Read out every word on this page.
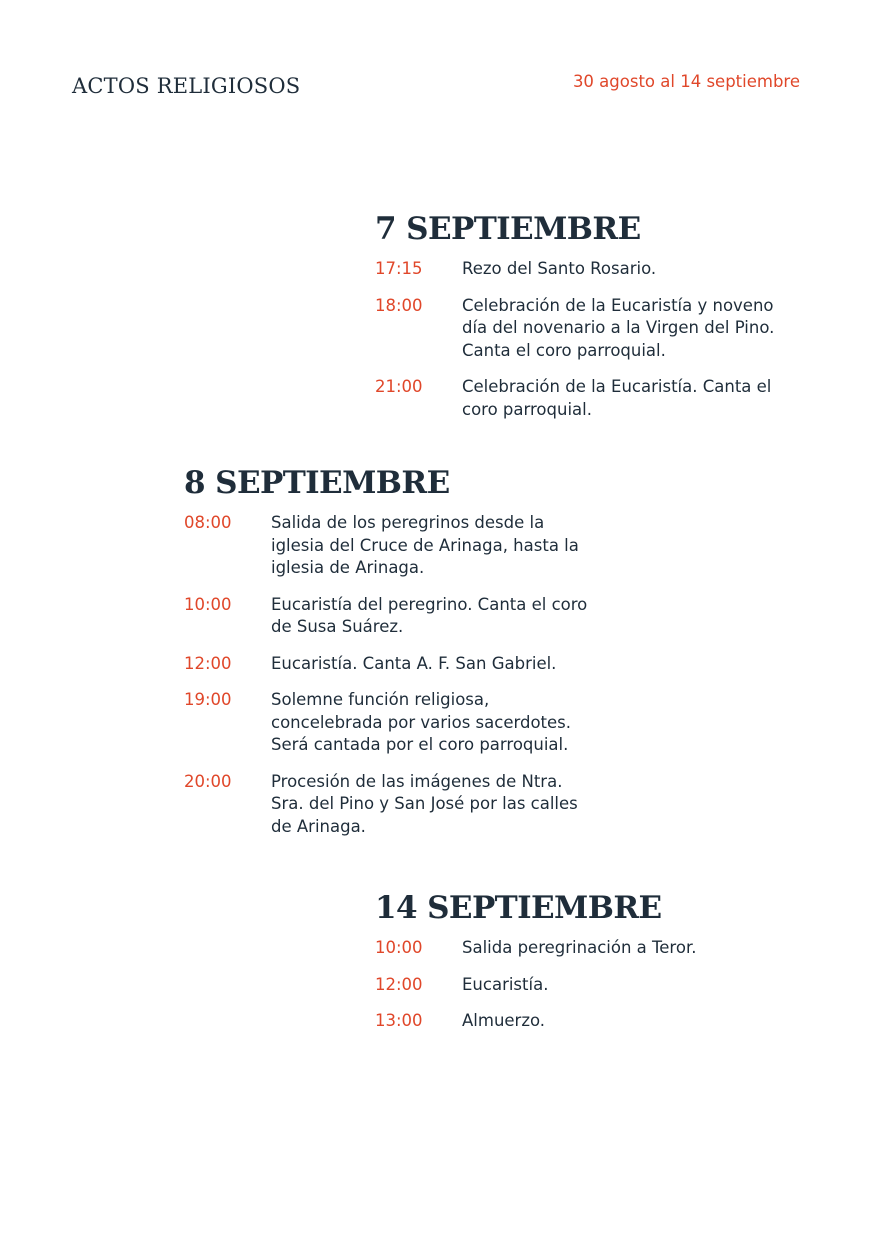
ACTOS RELIGIOSOS	30 agosto al 14 septiembre
7 SEPTIEMBRE
17:15	Rezo del Santo Rosario.
18:00	Celebración de la Eucaristía y noveno día del novenario a la Virgen del Pino. Canta el coro parroquial.
21:00	Celebración de la Eucaristía. Canta el coro parroquial.
8 SEPTIEMBRE
08:00	Salida de los peregrinos desde la iglesia del Cruce de Arinaga, hasta la iglesia de Arinaga.
10:00	Eucaristía del peregrino. Canta el coro de Susa Suárez.
12:00	Eucaristía. Canta A. F. San Gabriel.
19:00	Solemne función religiosa, concelebrada por varios sacerdotes. Será cantada por el coro parroquial.
20:00	Procesión de las imágenes de Ntra. Sra. del Pino y San José por las calles de Arinaga.
14 SEPTIEMBRE
10:00	Salida peregrinación a Teror.
12:00	Eucaristía.
13:00	Almuerzo.
